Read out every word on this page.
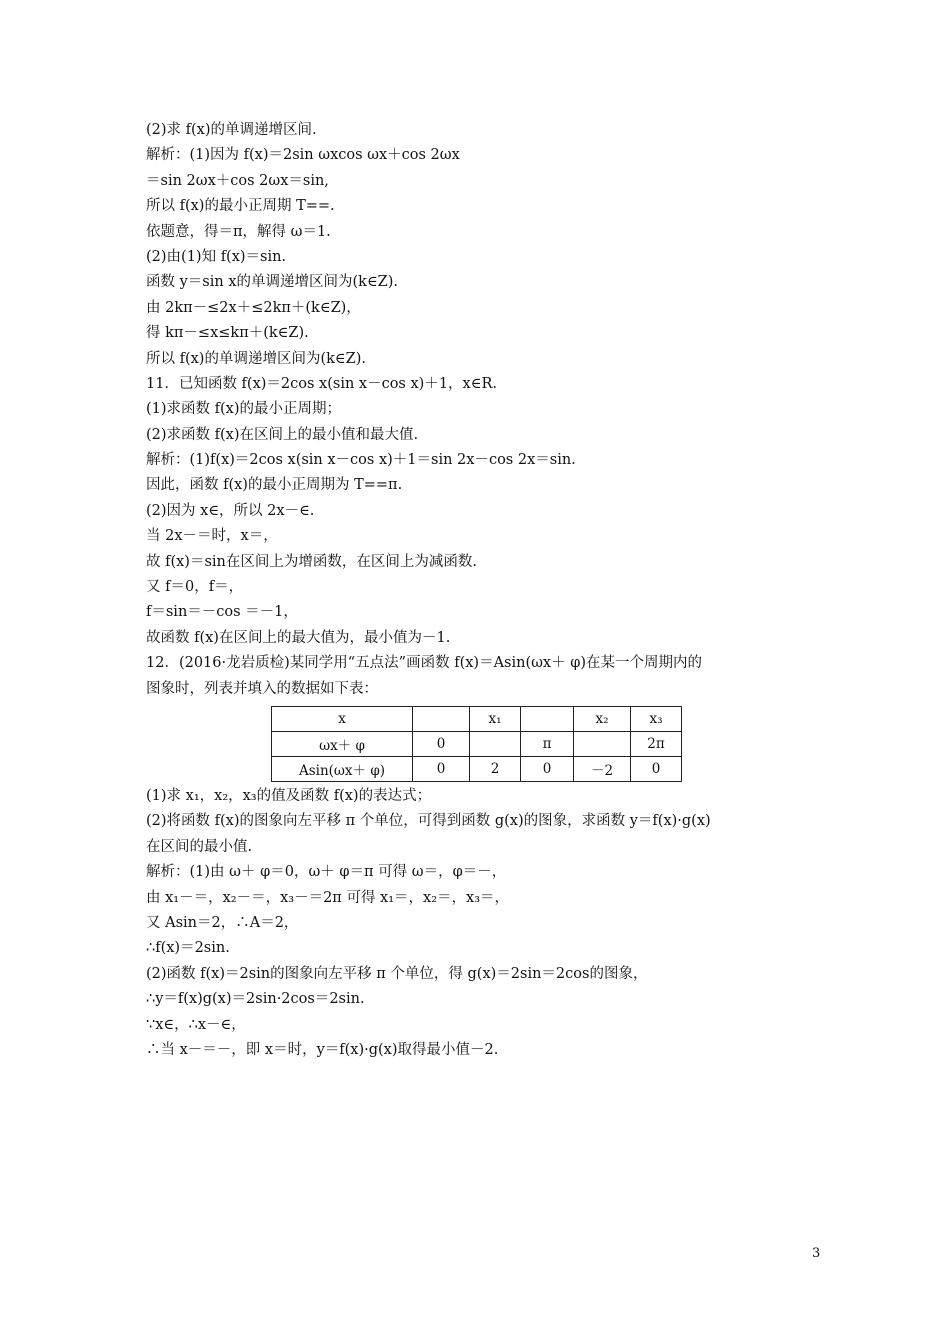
(2)求 f(x)的单调递增区间.
解析：(1)因为 f(x)＝2sin ωxcos ωx＋cos 2ωx
＝sin 2ωx＋cos 2ωx＝sin,
所以 f(x)的最小正周期 T==.
依题意，得＝π，解得 ω＝1.
(2)由(1)知 f(x)＝sin.
函数 y＝sin x的单调递增区间为(k∈Z).
由 2kπ－≤2x＋≤2kπ＋(k∈Z)，
得 kπ－≤x≤kπ＋(k∈Z).
所以 f(x)的单调递增区间为(k∈Z).
11．已知函数 f(x)＝2cos x(sin x－cos x)＋1，x∈R.
(1)求函数 f(x)的最小正周期；
(2)求函数 f(x)在区间上的最小值和最大值.
解析：(1)f(x)＝2cos x(sin x－cos x)＋1＝sin 2x－cos 2x＝sin.
因此，函数 f(x)的最小正周期为 T==π.
(2)因为 x∈，所以 2x－∈.
当 2x－＝时，x＝，
故 f(x)＝sin在区间上为增函数，在区间上为减函数.
又 f＝0，f＝，
f＝sin＝－cos ＝－1，
故函数 f(x)在区间上的最大值为，最小值为－1.
12．(2016·龙岩质检)某同学用“五点法”画函数 f(x)＝Asin(ωx＋ φ)在某一个周期内的
图象时，列表并填入的数据如下表：
x		x₁		x₂	x₃
ωx＋ φ	0		π		2π
Asin(ωx＋ φ)	0	2	0	－2	0
(1)求 x₁，x₂，x₃的值及函数 f(x)的表达式；
(2)将函数 f(x)的图象向左平移 π 个单位，可得到函数 g(x)的图象，求函数 y＝f(x)·g(x)
在区间的最小值.
解析：(1)由 ω＋ φ＝0，ω＋ φ＝π 可得 ω＝，φ＝－，
由 x₁－＝，x₂－＝，x₃－＝2π 可得 x₁＝，x₂＝，x₃＝，
又 Asin＝2，∴A＝2，
∴f(x)＝2sin.
(2)函数 f(x)＝2sin的图象向左平移 π 个单位，得 g(x)＝2sin＝2cos的图象，
∴y＝f(x)g(x)＝2sin·2cos＝2sin.
∵x∈，∴x－∈，
∴当 x－＝－，即 x＝时，y＝f(x)·g(x)取得最小值－2.
3
